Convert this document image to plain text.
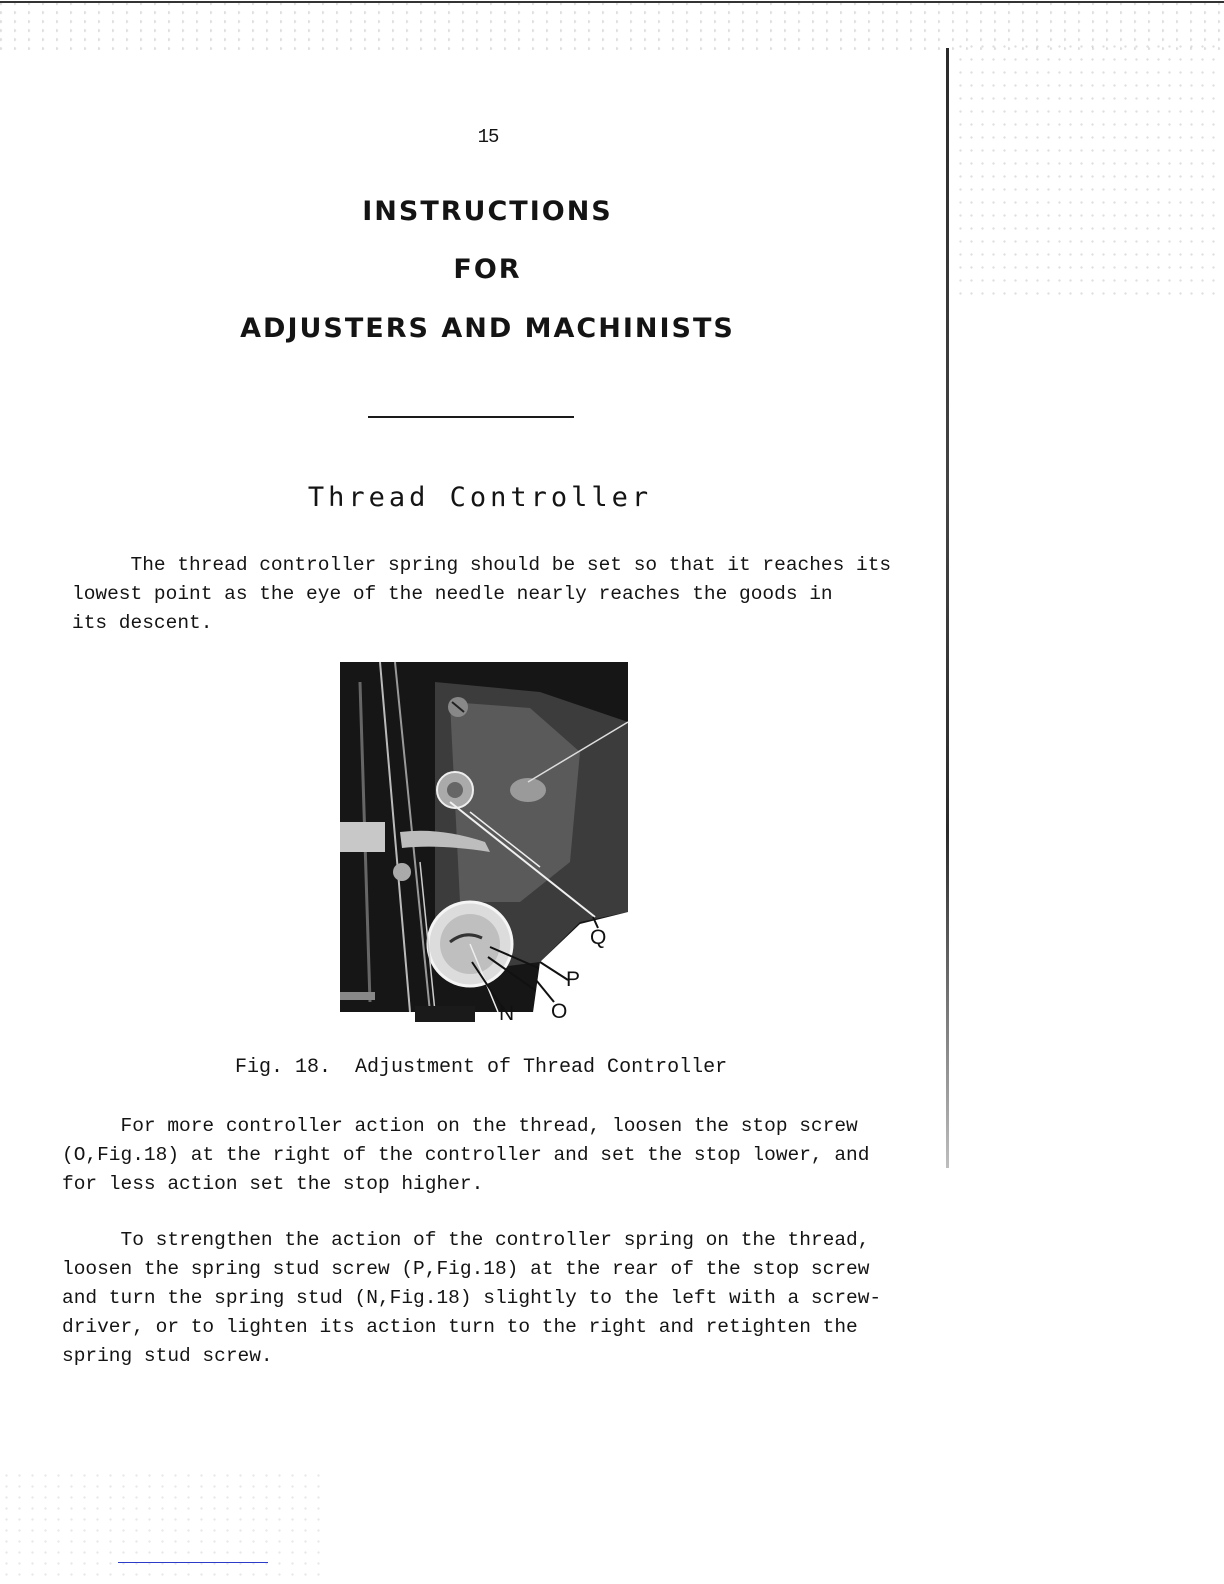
15
INSTRUCTIONS
FOR
ADJUSTERS AND MACHINISTS
Thread Controller

The thread controller spring should be set so that it reaches its
lowest point as the eye of the needle nearly reaches the goods in
its descent.

Q
P
O
N
Fig. 18.  Adjustment of Thread Controller

For more controller action on the thread, loosen the stop screw
(O,Fig.18) at the right of the controller and set the stop lower, and
for less action set the stop higher.

To strengthen the action of the controller spring on the thread,
loosen the spring stud screw (P,Fig.18) at the rear of the stop screw
and turn the spring stud (N,Fig.18) slightly to the left with a screw-
driver, or to lighten its action turn to the right and retighten the
spring stud screw.
